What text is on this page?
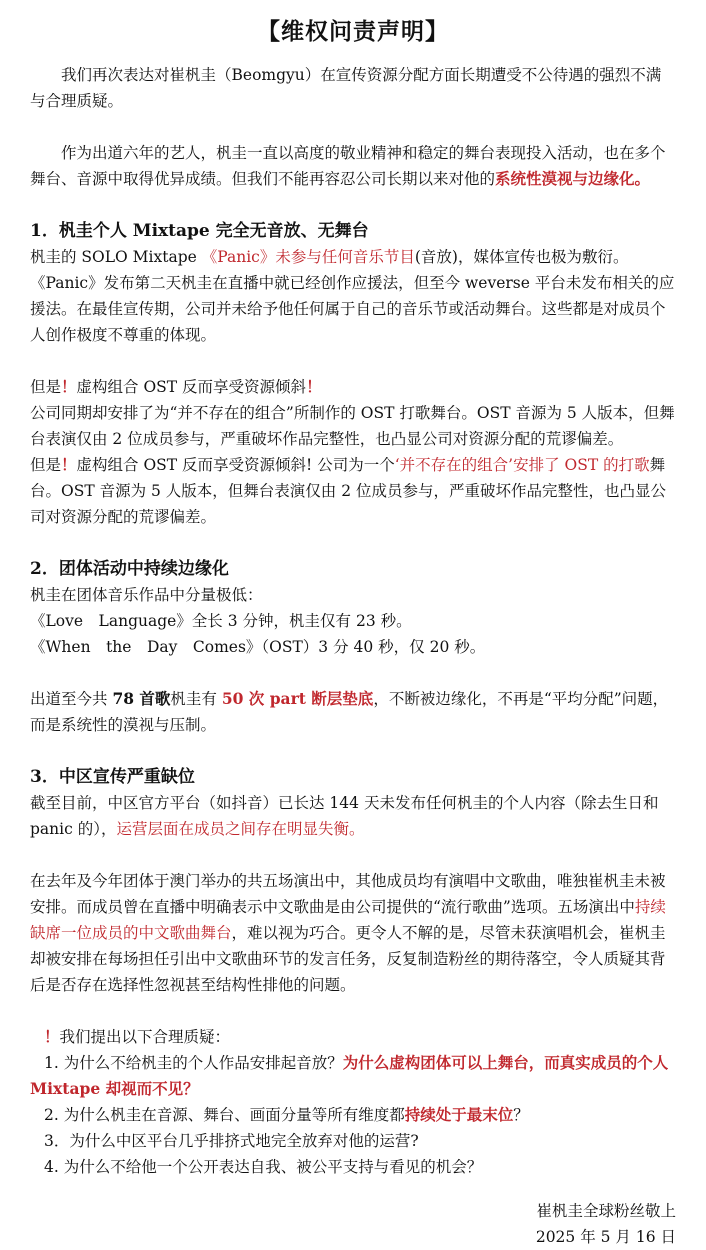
【维权问责声明】

我们再次表达对崔杋圭（Beomgyu）在宣传资源分配方面长期遭受不公待遇的强烈不满与合理质疑。

作为出道六年的艺人，杋圭一直以高度的敬业精神和稳定的舞台表现投入活动，也在多个舞台、音源中取得优异成绩。但我们不能再容忍公司长期以来对他的系统性漠视与边缘化。

1．杋圭个人 Mixtape 完全无音放、无舞台

杋圭的 SOLO Mixtape 《Panic》未参与任何音乐节目(音放)，媒体宣传也极为敷衍。《Panic》发布第二天杋圭在直播中就已经创作应援法，但至今 weverse 平台未发布相关的应援法。在最佳宣传期，公司并未给予他任何属于自己的音乐节或活动舞台。这些都是对成员个人创作极度不尊重的体现。

但是！虚构组合 OST 反而享受资源倾斜！

公司同期却安排了为“并不存在的组合”所制作的 OST 打歌舞台。OST 音源为 5 人版本，但舞台表演仅由 2 位成员参与，严重破坏作品完整性，也凸显公司对资源分配的荒谬偏差。

但是！虚构组合 OST 反而享受资源倾斜! 公司为一个‘并不存在的组合’安排了 OST 的打歌舞台。OST 音源为 5 人版本，但舞台表演仅由 2 位成员参与，严重破坏作品完整性，也凸显公司对资源分配的荒谬偏差。

2．团体活动中持续边缘化

杋圭在团体音乐作品中分量极低：

《Love　Language》全长 3 分钟，杋圭仅有 23 秒。

《When　the　Day　Comes》（OST）3 分 40 秒，仅 20 秒。

出道至今共 78 首歌杋圭有 50 次 part 断层垫底，不断被边缘化，不再是“平均分配”问题，而是系统性的漠视与压制。

3．中区宣传严重缺位

截至目前，中区官方平台（如抖音）已长达 144 天未发布任何杋圭的个人内容（除去生日和 panic 的），运营层面在成员之间存在明显失衡。

在去年及今年团体于澳门举办的共五场演出中，其他成员均有演唱中文歌曲，唯独崔杋圭未被安排。而成员曾在直播中明确表示中文歌曲是由公司提供的“流行歌曲”选项。五场演出中持续缺席一位成员的中文歌曲舞台，难以视为巧合。更令人不解的是，尽管未获演唱机会，崔杋圭却被安排在每场担任引出中文歌曲环节的发言任务，反复制造粉丝的期待落空，令人质疑其背后是否存在选择性忽视甚至结构性排他的问题。

！我们提出以下合理质疑：

1. 为什么不给杋圭的个人作品安排起音放？为什么虚构团体可以上舞台，而真实成员的个人 Mixtape 却视而不见？

2. 为什么杋圭在音源、舞台、画面分量等所有维度都持续处于最末位？

3．为什么中区平台几乎排挤式地完全放弃对他的运营?

4. 为什么不给他一个公开表达自我、被公平支持与看见的机会？

崔杋圭全球粉丝敬上

2025 年 5 月 16 日
